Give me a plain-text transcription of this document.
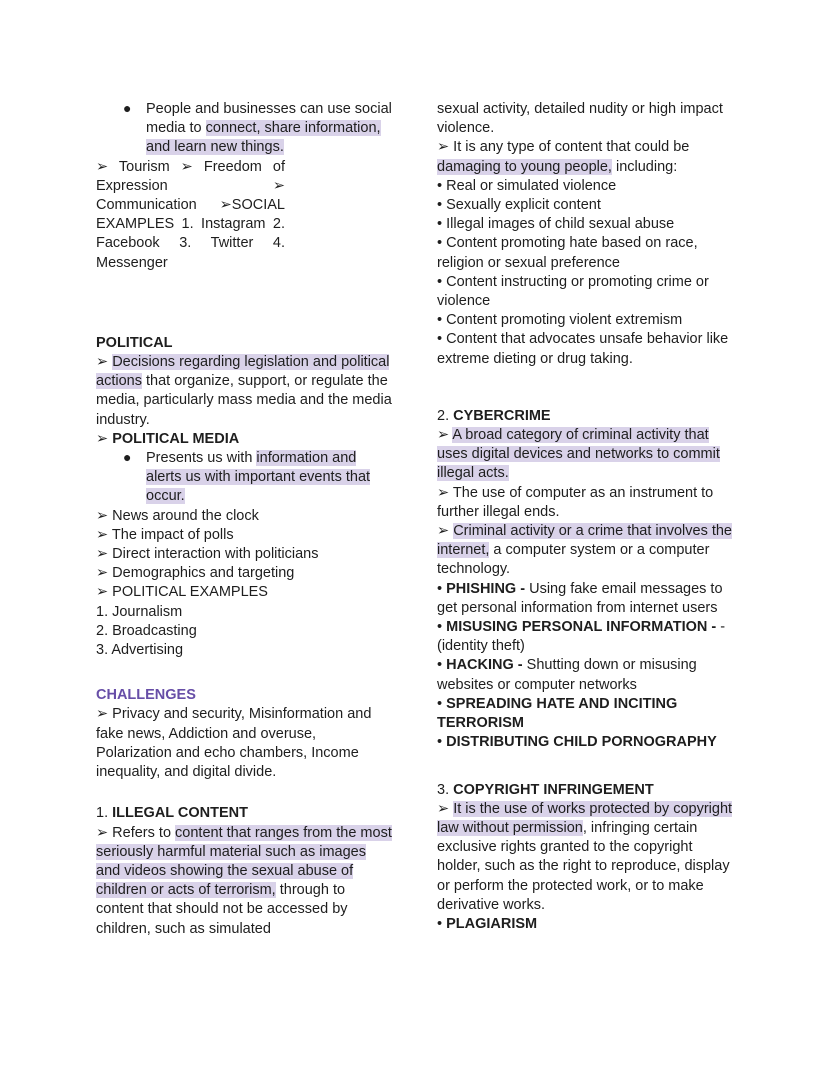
● People and businesses can use social media to connect, share information, and learn new things.
➢ Tourism ➢ Freedom of Expression ➢ Communication ➢SOCIAL EXAMPLES 1. Instagram 2. Facebook 3. Twitter 4. Messenger
POLITICAL
➢ Decisions regarding legislation and political actions that organize, support, or regulate the media, particularly mass media and the media industry.
➢ POLITICAL MEDIA
● Presents us with information and alerts us with important events that occur.
➢ News around the clock
➢ The impact of polls
➢ Direct interaction with politicians
➢ Demographics and targeting
➢ POLITICAL EXAMPLES
1. Journalism
2. Broadcasting
3. Advertising
CHALLENGES
➢ Privacy and security, Misinformation and fake news, Addiction and overuse, Polarization and echo chambers, Income inequality, and digital divide.
1. ILLEGAL CONTENT
➢ Refers to content that ranges from the most seriously harmful material such as images and videos showing the sexual abuse of children or acts of terrorism, through to content that should not be accessed by children, such as simulated
sexual activity, detailed nudity or high impact violence.
➢ It is any type of content that could be damaging to young people, including:
• Real or simulated violence
• Sexually explicit content
• Illegal images of child sexual abuse
• Content promoting hate based on race, religion or sexual preference
• Content instructing or promoting crime or violence
• Content promoting violent extremism
• Content that advocates unsafe behavior like extreme dieting or drug taking.
2. CYBERCRIME
➢ A broad category of criminal activity that uses digital devices and networks to commit illegal acts.
➢ The use of computer as an instrument to further illegal ends.
➢ Criminal activity or a crime that involves the internet, a computer system or a computer technology.
• PHISHING - Using fake email messages to get personal information from internet users
• MISUSING PERSONAL INFORMATION - - (identity theft)
• HACKING - Shutting down or misusing websites or computer networks
• SPREADING HATE AND INCITING TERRORISM
• DISTRIBUTING CHILD PORNOGRAPHY
3. COPYRIGHT INFRINGEMENT
➢ It is the use of works protected by copyright law without permission, infringing certain exclusive rights granted to the copyright holder, such as the right to reproduce, display or perform the protected work, or to make derivative works.
• PLAGIARISM
